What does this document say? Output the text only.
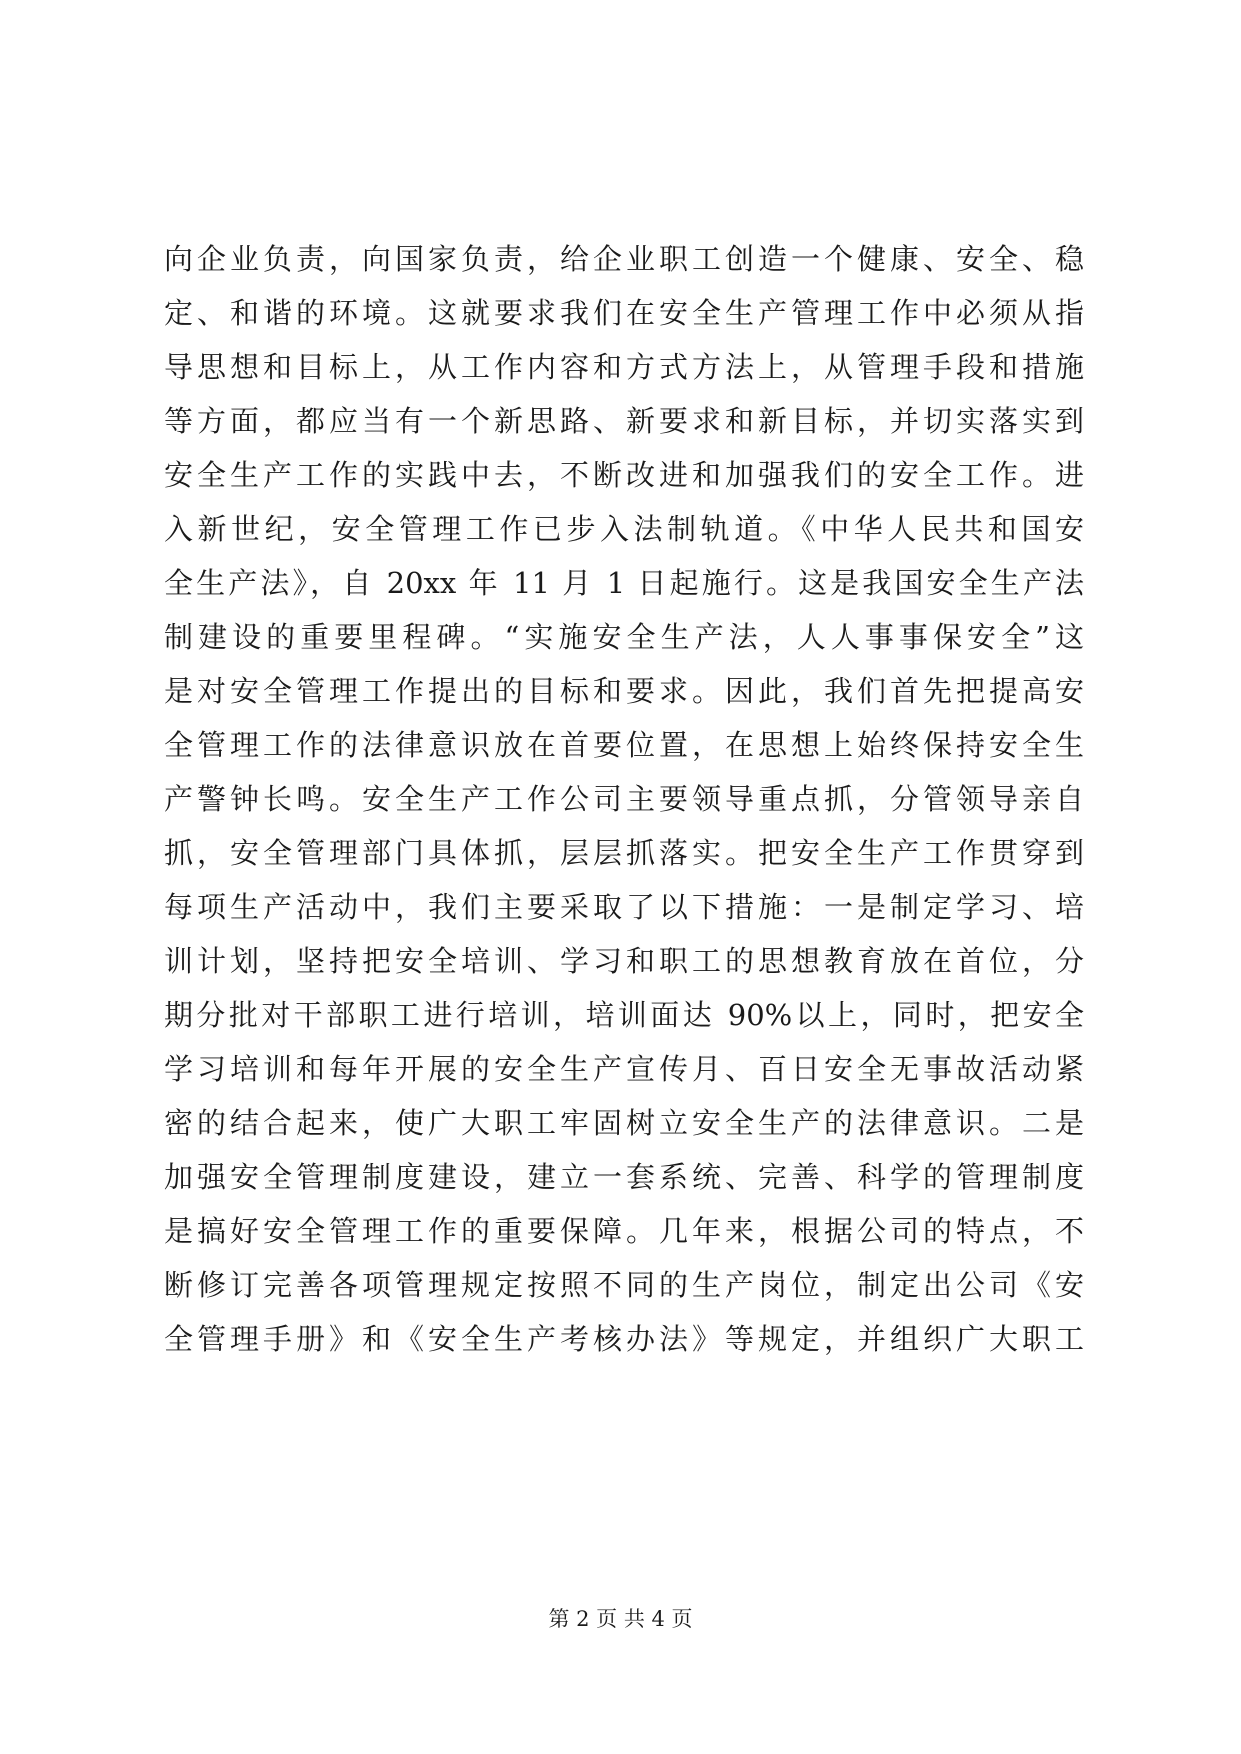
向企业负责，向国家负责，给企业职工创造一个健康、安全、稳
定、和谐的环境。这就要求我们在安全生产管理工作中必须从指
导思想和目标上，从工作内容和方式方法上，从管理手段和措施
等方面，都应当有一个新思路、新要求和新目标，并切实落实到
安全生产工作的实践中去，不断改进和加强我们的安全工作。进
入新世纪，安全管理工作已步入法制轨道。《中华人民共和国安
全生产法》，自 20xx 年 11 月 1 日起施行。这是我国安全生产法
制建设的重要里程碑。“实施安全生产法，人人事事保安全”这
是对安全管理工作提出的目标和要求。因此，我们首先把提高安
全管理工作的法律意识放在首要位置，在思想上始终保持安全生
产警钟长鸣。安全生产工作公司主要领导重点抓，分管领导亲自
抓，安全管理部门具体抓，层层抓落实。把安全生产工作贯穿到
每项生产活动中，我们主要采取了以下措施：一是制定学习、培
训计划，坚持把安全培训、学习和职工的思想教育放在首位，分
期分批对干部职工进行培训，培训面达 90%以上，同时，把安全
学习培训和每年开展的安全生产宣传月、百日安全无事故活动紧
密的结合起来，使广大职工牢固树立安全生产的法律意识。二是
加强安全管理制度建设，建立一套系统、完善、科学的管理制度
是搞好安全管理工作的重要保障。几年来，根据公司的特点，不
断修订完善各项管理规定按照不同的生产岗位，制定出公司《安
全管理手册》和《安全生产考核办法》等规定，并组织广大职工
第 2 页 共 4 页
